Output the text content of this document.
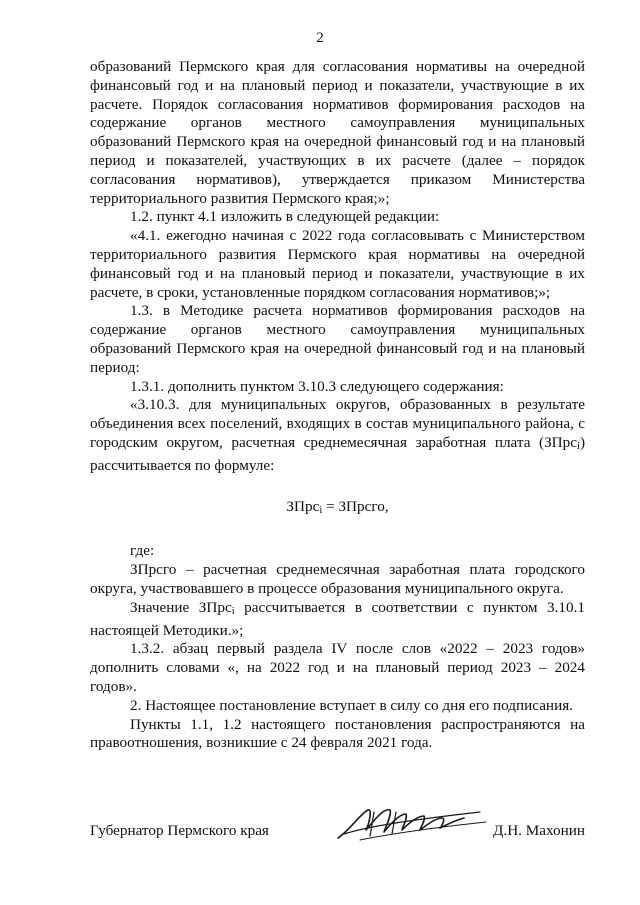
2

образований Пермского края для согласования нормативы на очередной финансовый год и на плановый период и показатели, участвующие в их расчете. Порядок согласования нормативов формирования расходов на содержание органов местного самоуправления муниципальных образований Пермского края на очередной финансовый год и на плановый период и показателей, участвующих в их расчете (далее – порядок согласования нормативов), утверждается приказом Министерства территориального развития Пермского края;»;

1.2. пункт 4.1 изложить в следующей редакции:

«4.1. ежегодно начиная с 2022 года согласовывать с Министерством территориального развития Пермского края нормативы на очередной финансовый год и на плановый период и показатели, участвующие в их расчете, в сроки, установленные порядком согласования нормативов;»;

1.3. в Методике расчета нормативов формирования расходов на содержание органов местного самоуправления муниципальных образований Пермского края на очередной финансовый год и на плановый период:

1.3.1. дополнить пунктом 3.10.3 следующего содержания:

«3.10.3. для муниципальных округов, образованных в результате объединения всех поселений, входящих в состав муниципального района, с городским округом, расчетная среднемесячная заработная плата (ЗПрс$_i$) рассчитывается по формуле:

ЗПрс$_i$ = ЗПрсго,

где:

ЗПрсго – расчетная среднемесячная заработная плата городского округа, участвовавшего в процессе образования муниципального округа.

Значение ЗПрс$_i$ рассчитывается в соответствии с пунктом 3.10.1 настоящей Методики.»;

1.3.2. абзац первый раздела IV после слов «2022 – 2023 годов» дополнить словами «, на 2022 год и на плановый период 2023 – 2024 годов».

2. Настоящее постановление вступает в силу со дня его подписания.

Пункты 1.1, 1.2 настоящего постановления распространяются на правоотношения, возникшие с 24 февраля 2021 года.

Губернатор Пермского края	Д.Н. Махонин
